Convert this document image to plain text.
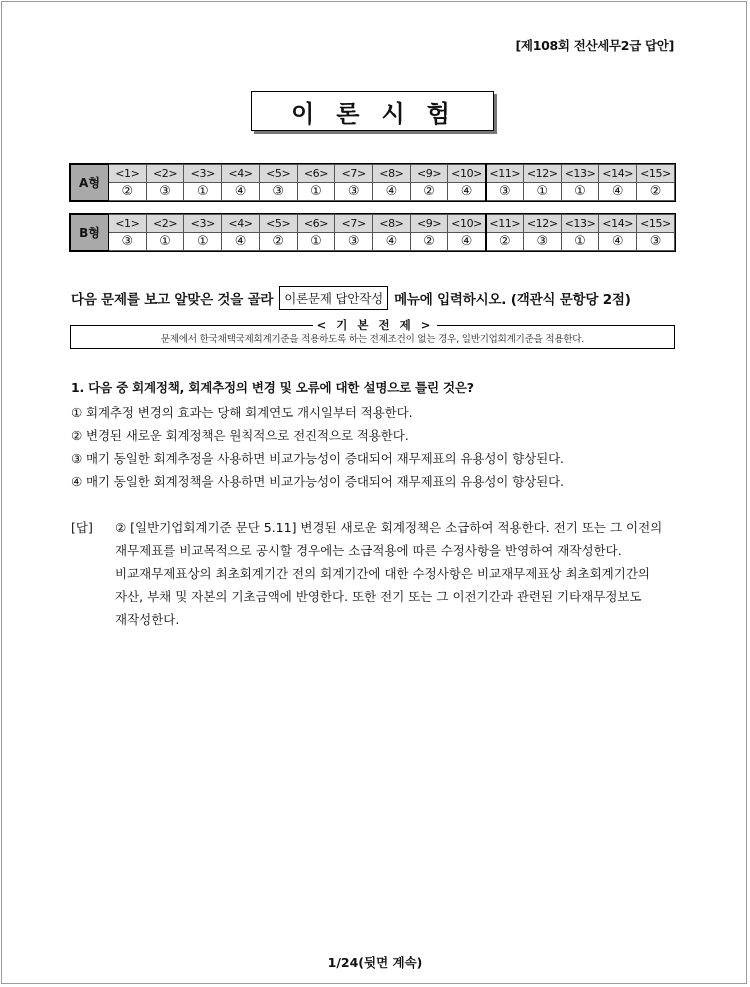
[제108회 전산세무2급 답안]
이론시험
A형	<1>	<2>	<3>	<4>	<5>	<6>	<7>	<8>	<9>	<10>	<11>	<12>	<13>	<14>	<15>
	②	③	①	④	③	①	③	④	②	④	③	①	①	④	②
B형	<1>	<2>	<3>	<4>	<5>	<6>	<7>	<8>	<9>	<10>	<11>	<12>	<13>	<14>	<15>
	③	①	①	④	②	①	③	④	②	④	②	③	①	④	③
다음 문제를 보고 알맞은 것을 골라 이론문제 답안작성 메뉴에 입력하시오. (객관식 문항당 2점)
< 기 본 전 제 >
문제에서 한국채택국제회계기준을 적용하도록 하는 전제조건이 없는 경우, 일반기업회계기준을 적용한다.
1. 다음 중 회계정책, 회계추정의 변경 및 오류에 대한 설명으로 틀린 것은?
① 회계추정 변경의 효과는 당해 회계연도 개시일부터 적용한다.
② 변경된 새로운 회계정책은 원칙적으로 전진적으로 적용한다.
③ 매기 동일한 회계추정을 사용하면 비교가능성이 증대되어 재무제표의 유용성이 향상된다.
④ 매기 동일한 회계정책을 사용하면 비교가능성이 증대되어 재무제표의 유용성이 향상된다.
[답]	② [일반기업회계기준 문단 5.11] 변경된 새로운 회계정책은 소급하여 적용한다. 전기 또는 그 이전의
재무제표를 비교목적으로 공시할 경우에는 소급적용에 따른 수정사항을 반영하여 재작성한다.
비교재무제표상의 최초회계기간 전의 회계기간에 대한 수정사항은 비교재무제표상 최초회계기간의
자산, 부채 및 자본의 기초금액에 반영한다. 또한 전기 또는 그 이전기간과 관련된 기타재무정보도
재작성한다.
1/24(뒷면 계속)
